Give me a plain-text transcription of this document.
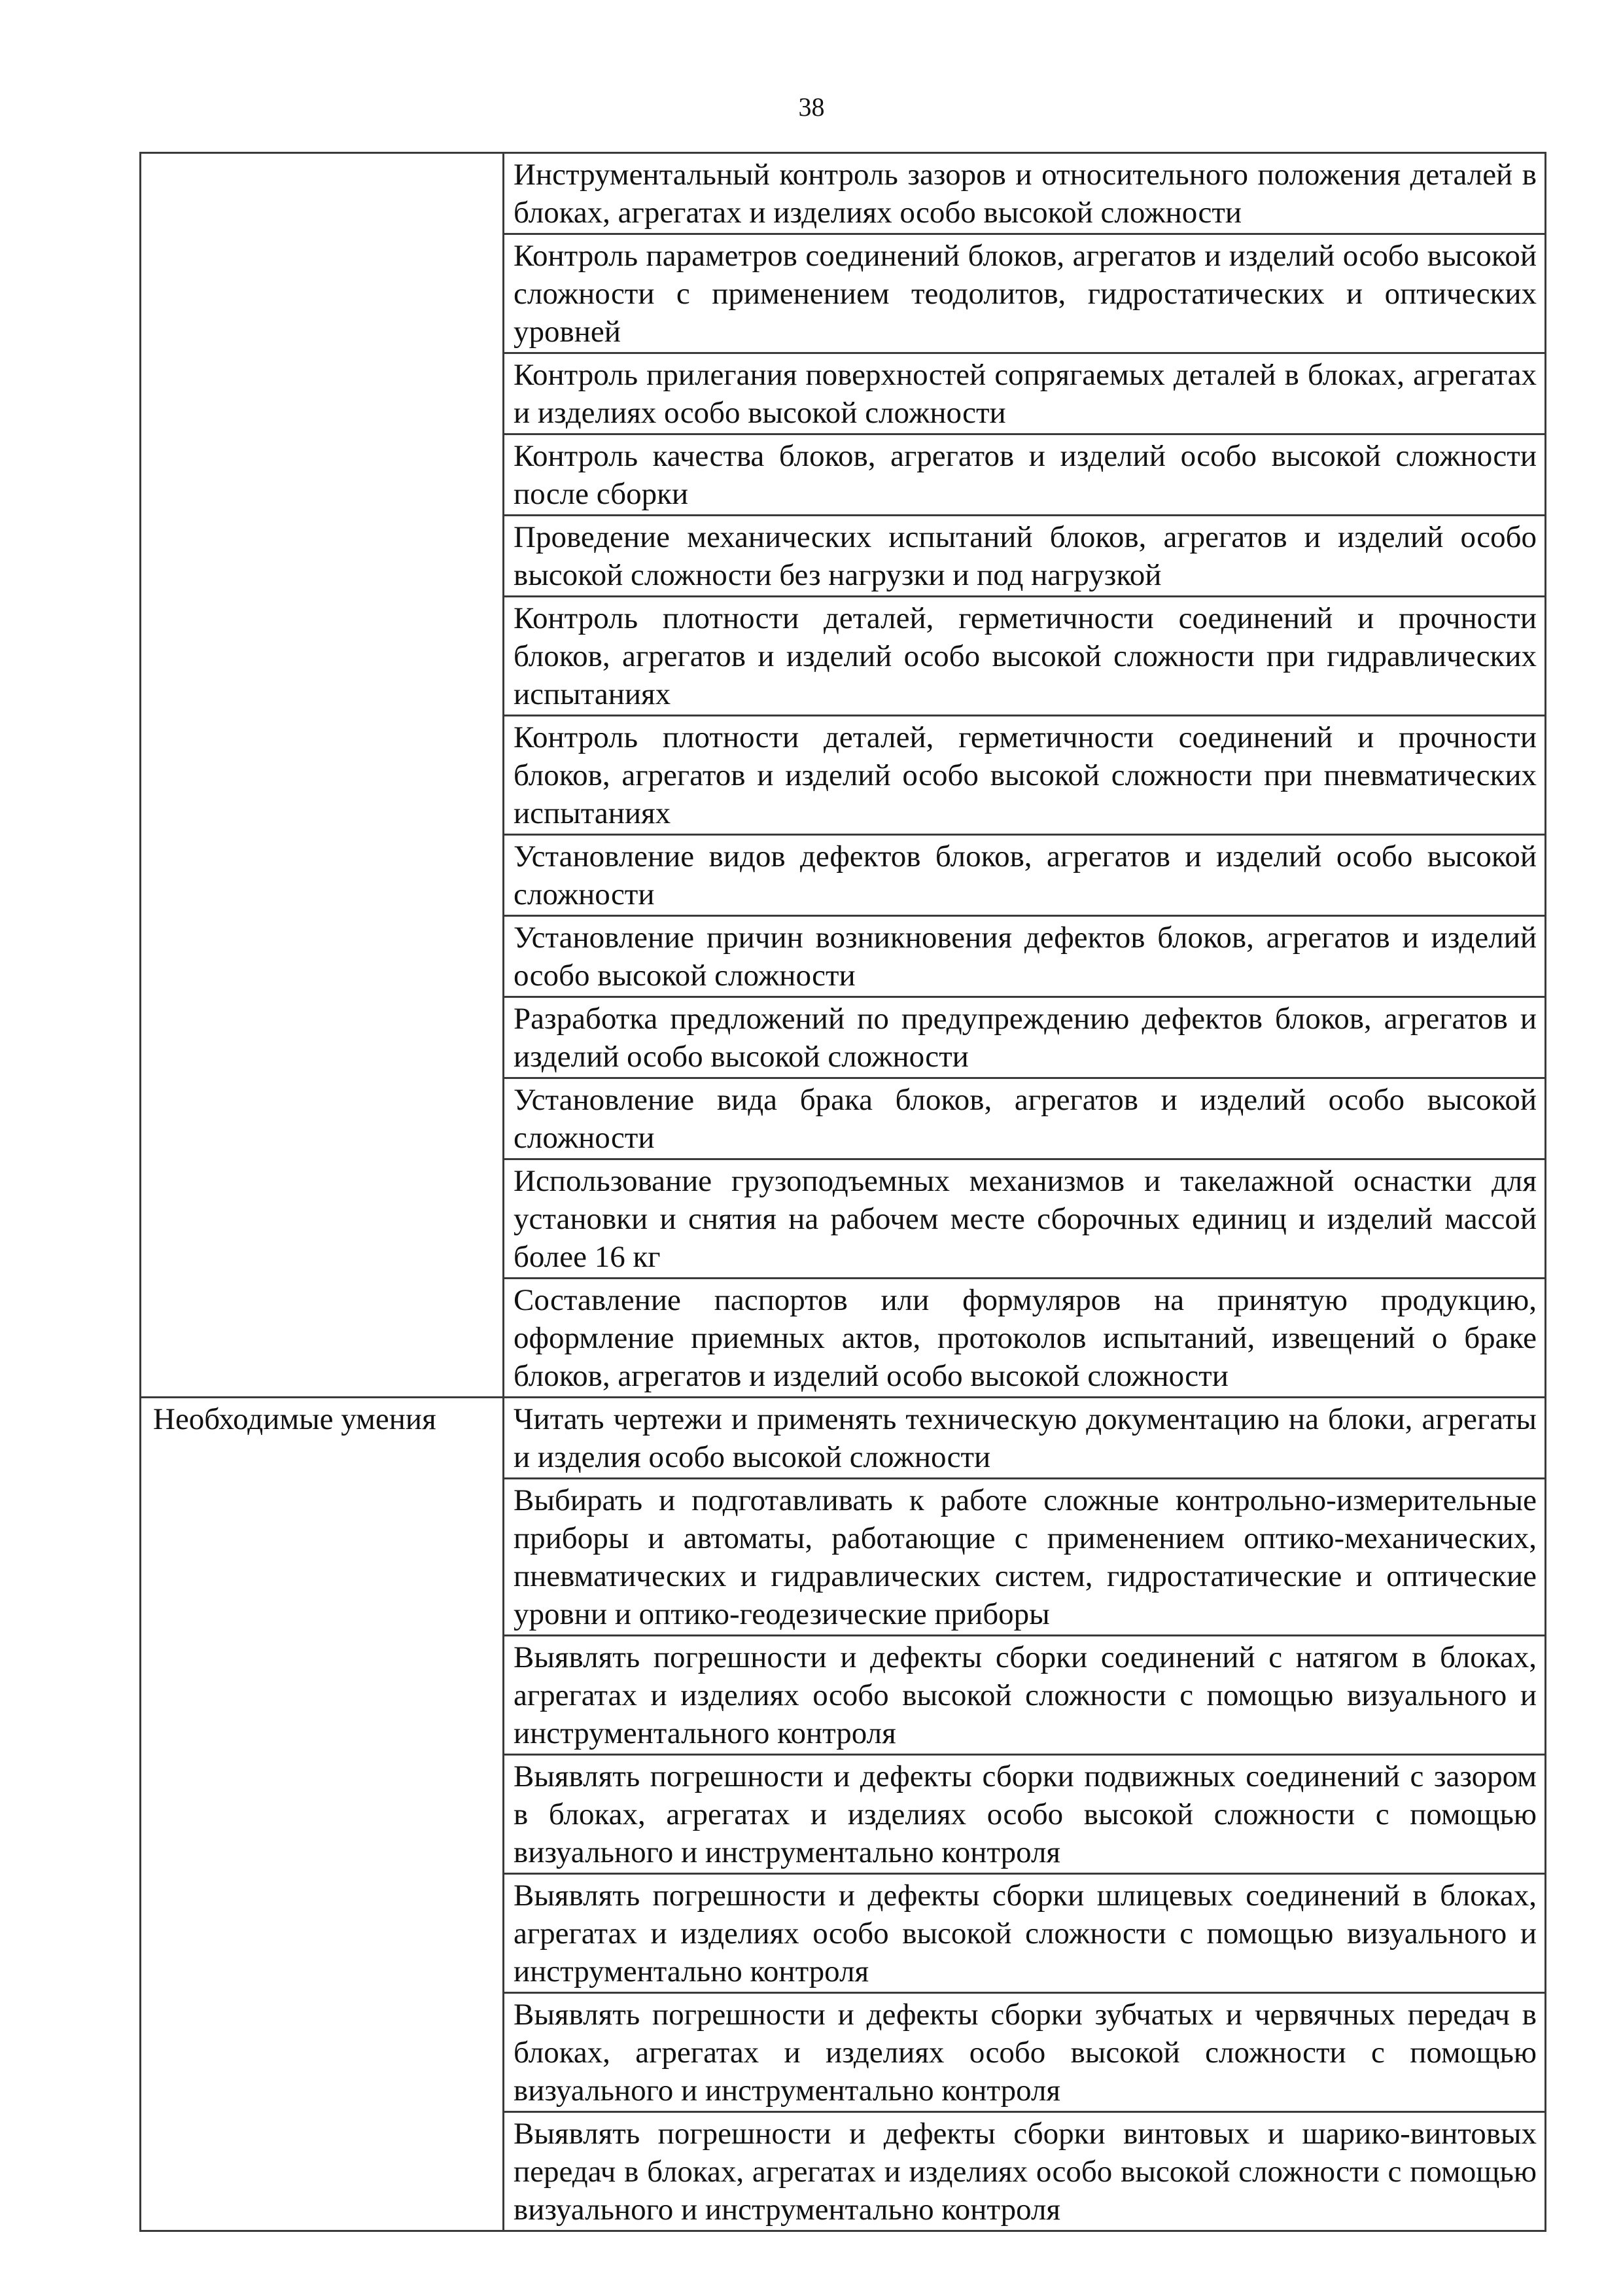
38
	Инструментальный контроль зазоров и относительного положения деталей в блоках, агрегатах и изделиях особо высокой сложности
	Контроль параметров соединений блоков, агрегатов и изделий особо высокой сложности с применением теодолитов, гидростатических и оптических уровней
	Контроль прилегания поверхностей сопрягаемых деталей в блоках, агрегатах и изделиях особо высокой сложности
	Контроль качества блоков, агрегатов и изделий особо высокой сложности после сборки
	Проведение механических испытаний блоков, агрегатов и изделий особо высокой сложности без нагрузки и под нагрузкой
	Контроль плотности деталей, герметичности соединений и прочности блоков, агрегатов и изделий особо высокой сложности при гидравлических испытаниях
	Контроль плотности деталей, герметичности соединений и прочности блоков, агрегатов и изделий особо высокой сложности при пневматических испытаниях
	Установление видов дефектов блоков, агрегатов и изделий особо высокой сложности
	Установление причин возникновения дефектов блоков, агрегатов и изделий особо высокой сложности
	Разработка предложений по предупреждению дефектов блоков, агрегатов и изделий особо высокой сложности
	Установление вида брака блоков, агрегатов и изделий особо высокой сложности
	Использование грузоподъемных механизмов и такелажной оснастки для установки и снятия на рабочем месте сборочных единиц и изделий массой более 16 кг
	Составление паспортов или формуляров на принятую продукцию, оформление приемных актов, протоколов испытаний, извещений о браке блоков, агрегатов и изделий особо высокой сложности
Необходимые умения	Читать чертежи и применять техническую документацию на блоки, агрегаты и изделия особо высокой сложности
	Выбирать и подготавливать к работе сложные контрольно-измерительные приборы и автоматы, работающие с применением оптико-механических, пневматических и гидравлических систем, гидростатические и оптические уровни и оптико-геодезические приборы
	Выявлять погрешности и дефекты сборки соединений с натягом в блоках, агрегатах и изделиях особо высокой сложности с помощью визуального и инструментального контроля
	Выявлять погрешности и дефекты сборки подвижных соединений с зазором в блоках, агрегатах и изделиях особо высокой сложности с помощью визуального и инструментально контроля
	Выявлять погрешности и дефекты сборки шлицевых соединений в блоках, агрегатах и изделиях особо высокой сложности с помощью визуального и инструментально контроля
	Выявлять погрешности и дефекты сборки зубчатых и червячных передач в блоках, агрегатах и изделиях особо высокой сложности с помощью визуального и инструментально контроля
	Выявлять погрешности и дефекты сборки винтовых и шарико-винтовых передач в блоках, агрегатах и изделиях особо высокой сложности с помощью визуального и инструментально контроля
